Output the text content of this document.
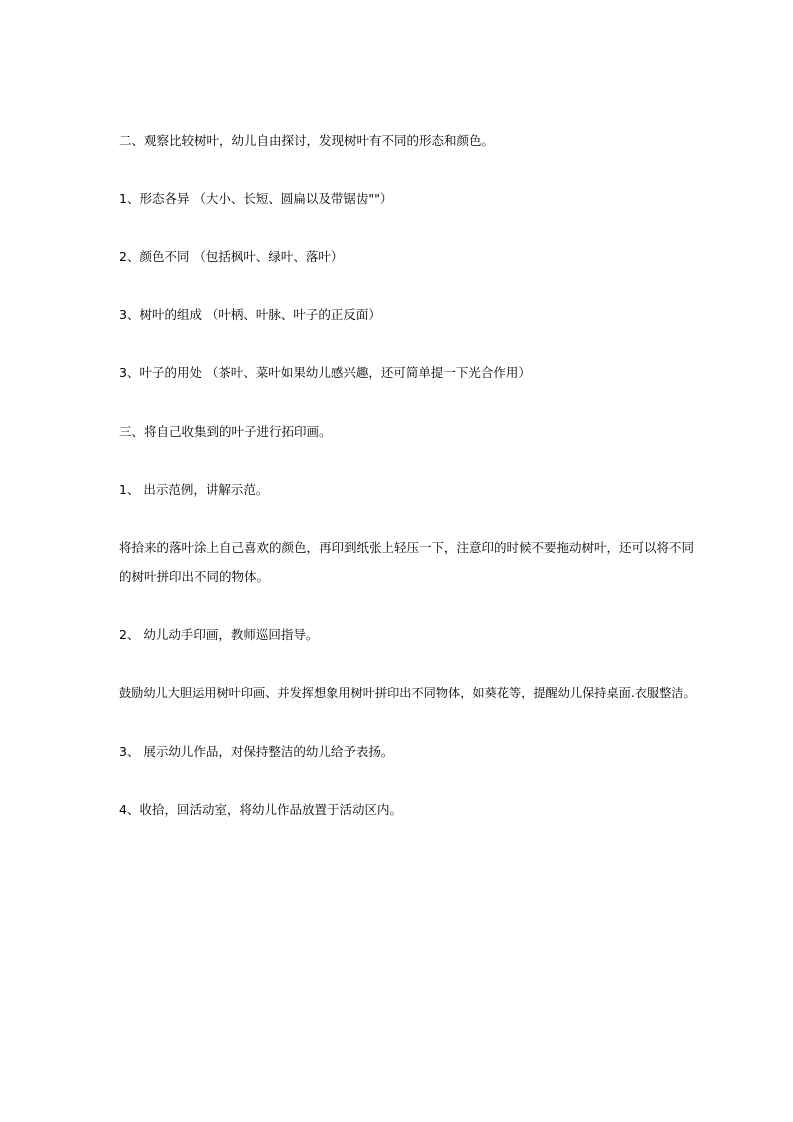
二、观察比较树叶，幼儿自由探讨，发现树叶有不同的形态和颜色。
1、形态各异 （大小、长短、圆扁以及带锯齿""）
2、颜色不同 （包括枫叶、绿叶、落叶）
3、树叶的组成 （叶柄、叶脉、叶子的正反面）
3、叶子的用处 （茶叶、菜叶如果幼儿感兴趣，还可简单提一下光合作用）
三、将自己收集到的叶子进行拓印画。
1、 出示范例，讲解示范。
将拾来的落叶涂上自己喜欢的颜色，再印到纸张上轻压一下，注意印的时候不要拖动树叶，还可以将不同
的树叶拼印出不同的物体。
2、 幼儿动手印画，教师巡回指导。
鼓励幼儿大胆运用树叶印画、并发挥想象用树叶拼印出不同物体，如葵花等，提醒幼儿保持桌面.衣服整洁。
3、 展示幼儿作品，对保持整洁的幼儿给予表扬。
4、收拾，回活动室，将幼儿作品放置于活动区内。
